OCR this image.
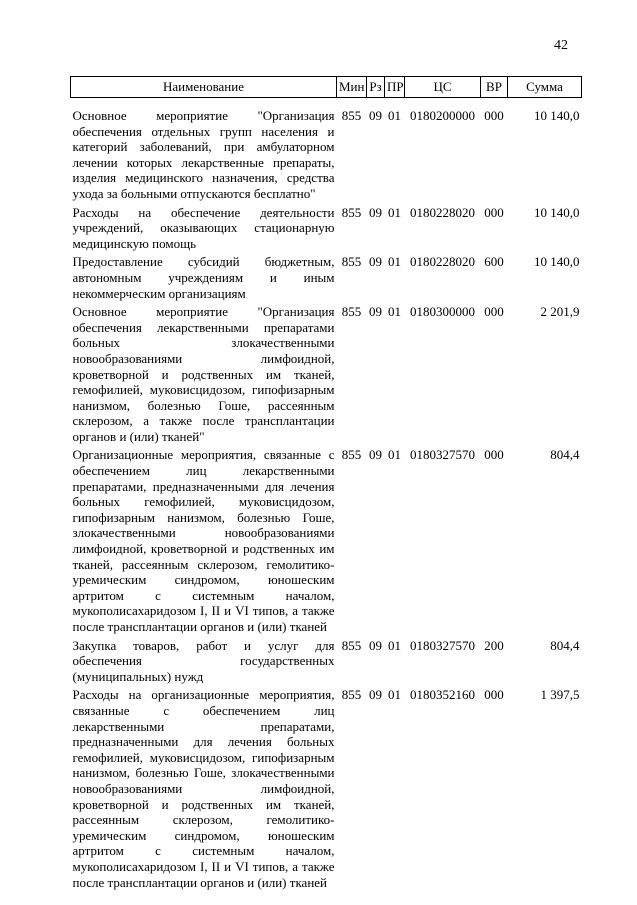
42
Наименование	Мин	Рз	ПР	ЦС	ВР	Сумма
Основное мероприятие "Организация обеспечения отдельных групп населения и категорий заболеваний, при амбулаторном лечении которых лекарственные препараты, изделия медицинского назначения, средства ухода за больными отпускаются бесплатно"	855	09	01	0180200000	000	10 140,0
Расходы на обеспечение деятельности учреждений, оказывающих стационарную медицинскую помощь	855	09	01	0180228020	000	10 140,0
Предоставление субсидий бюджетным, автономным учреждениям и иным некоммерческим организациям	855	09	01	0180228020	600	10 140,0
Основное мероприятие "Организация обеспечения лекарственными препаратами больных злокачественными новообразованиями лимфоидной, кроветворной и родственных им тканей, гемофилией, муковисцидозом, гипофизарным нанизмом, болезнью Гоше, рассеянным склерозом, а также после трансплантации органов и (или) тканей"	855	09	01	0180300000	000	2 201,9
Организационные мероприятия, связанные с обеспечением лиц лекарственными препаратами, предназначенными для лечения больных гемофилией, муковисцидозом, гипофизарным нанизмом, болезнью Гоше, злокачественными новообразованиями лимфоидной, кроветворной и родственных им тканей, рассеянным склерозом, гемолитико-уремическим синдромом, юношеским артритом с системным началом, мукополисахаридозом I, II и VI типов, а также после трансплантации органов и (или) тканей	855	09	01	0180327570	000	804,4
Закупка товаров, работ и услуг для обеспечения государственных (муниципальных) нужд	855	09	01	0180327570	200	804,4
Расходы на организационные мероприятия, связанные с обеспечением лиц лекарственными препаратами, предназначенными для лечения больных гемофилией, муковисцидозом, гипофизарным нанизмом, болезнью Гоше, злокачественными новообразованиями лимфоидной, кроветворной и родственных им тканей, рассеянным склерозом, гемолитико-уремическим синдромом, юношеским артритом с системным началом, мукополисахаридозом I, II и VI типов, а также после трансплантации органов и (или) тканей	855	09	01	0180352160	000	1 397,5
